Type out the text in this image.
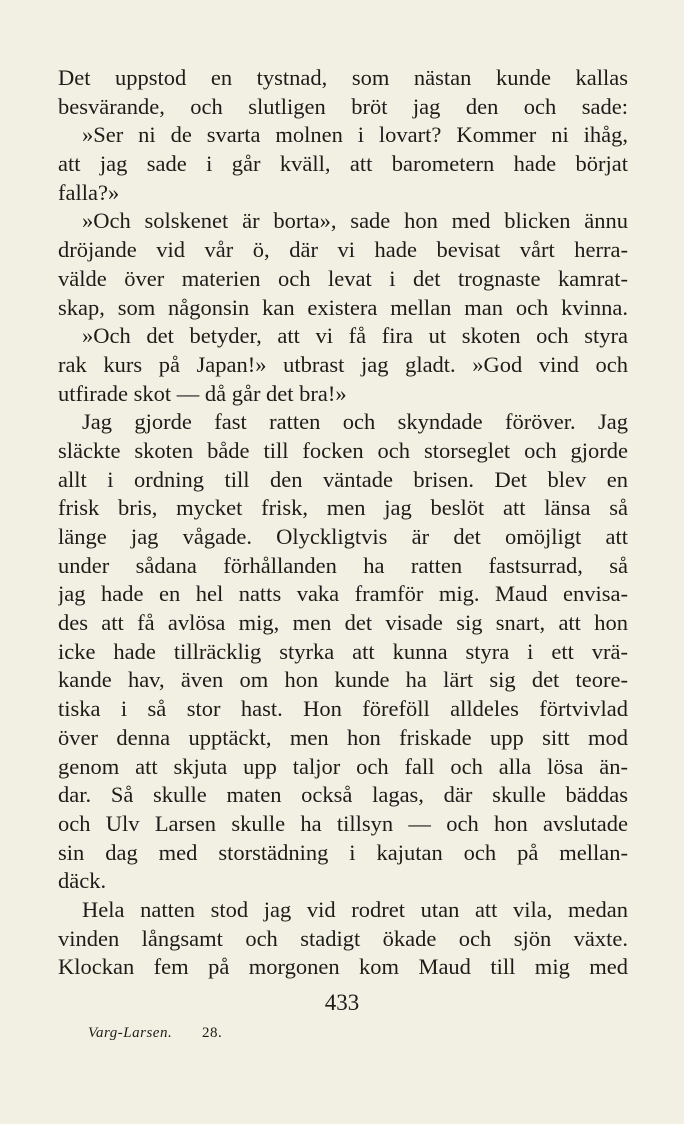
Det uppstod en tystnad, som nästan kunde kallas
besvärande, och slutligen bröt jag den och sade:
»Ser ni de svarta molnen i lovart? Kommer ni ihåg,
att jag sade i går kväll, att barometern hade börjat
falla?»
»Och solskenet är borta», sade hon med blicken ännu
dröjande vid vår ö, där vi hade bevisat vårt herra-
välde över materien och levat i det trognaste kamrat-
skap, som någonsin kan existera mellan man och kvinna.
»Och det betyder, att vi få fira ut skoten och styra
rak kurs på Japan!» utbrast jag gladt. »God vind och
utfirade skot — då går det bra!»
Jag gjorde fast ratten och skyndade föröver. Jag
släckte skoten både till focken och storseglet och gjorde
allt i ordning till den väntade brisen. Det blev en
frisk bris, mycket frisk, men jag beslöt att länsa så
länge jag vågade. Olyckligtvis är det omöjligt att
under sådana förhållanden ha ratten fastsurrad, så
jag hade en hel natts vaka framför mig. Maud envisa-
des att få avlösa mig, men det visade sig snart, att hon
icke hade tillräcklig styrka att kunna styra i ett vrä-
kande hav, även om hon kunde ha lärt sig det teore-
tiska i så stor hast. Hon föreföll alldeles förtvivlad
över denna upptäckt, men hon friskade upp sitt mod
genom att skjuta upp taljor och fall och alla lösa än-
dar. Så skulle maten också lagas, där skulle bäddas
och Ulv Larsen skulle ha tillsyn — och hon avslutade
sin dag med storstädning i kajutan och på mellan-
däck.
Hela natten stod jag vid rodret utan att vila, medan
vinden långsamt och stadigt ökade och sjön växte.
Klockan fem på morgonen kom Maud till mig med
433
Varg-Larsen. 28.
